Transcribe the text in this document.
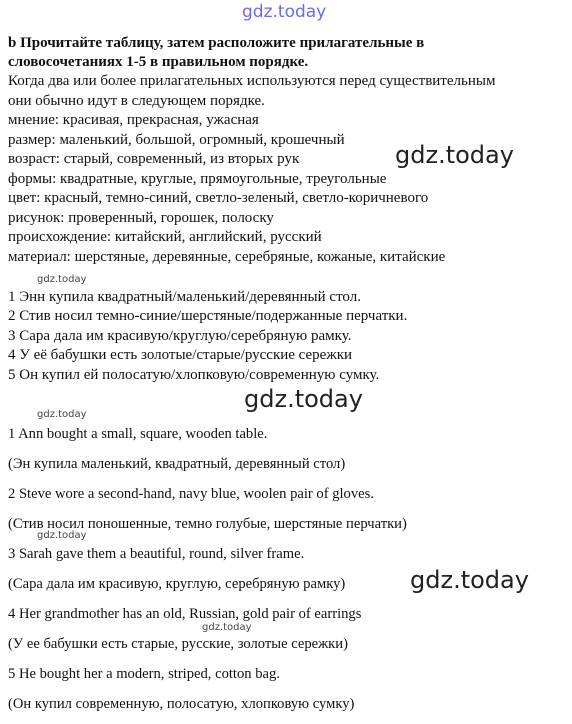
gdz.today
b Прочитайте таблицу, затем расположите прилагательные в
словосочетаниях 1-5 в правильном порядке.
Когда два или более прилагательных используются перед существительным
они обычно идут в следующем порядке.
мнение: красивая, прекрасная, ужасная
размер: маленький, большой, огромный, крошечный
возраст: старый, современный, из вторых рук
формы: квадратные, круглые, прямоугольные, треугольные
цвет: красный, темно-синий, светло-зеленый, светло-коричневого
рисунок: проверенный, горошек, полоску
происхождение: китайский, английский, русский
материал: шерстяные, деревянные, серебряные, кожаные, китайские
gdz.today
gdz.today
1 Энн купила квадратный/маленький/деревянный стол.
2 Стив носил темно-синие/шерстяные/подержанные перчатки.
3 Сара дала им красивую/круглую/серебряную рамку.
4 У её бабушки есть золотые/старые/русские сережки
5 Он купил ей полосатую/хлопковую/современную сумку.
gdz.today
gdz.today
1 Ann bought a small, square, wooden table.
(Эн купила маленький, квадратный, деревянный стол)
2 Steve wore a second-hand, navy blue, woolen pair of gloves.
(Стив носил поношенные, темно голубые, шерстяные перчатки)
gdz.today
3 Sarah gave them a beautiful, round, silver frame.
(Сара дала им красивую, круглую, серебряную рамку)	gdz.today
4 Her grandmother has an old, Russian, gold pair of earrings
gdz.today
(У ее бабушки есть старые, русские, золотые сережки)
5 He bought her a modern, striped, cotton bag.
(Он купил современную, полосатую, хлопковую сумку)
